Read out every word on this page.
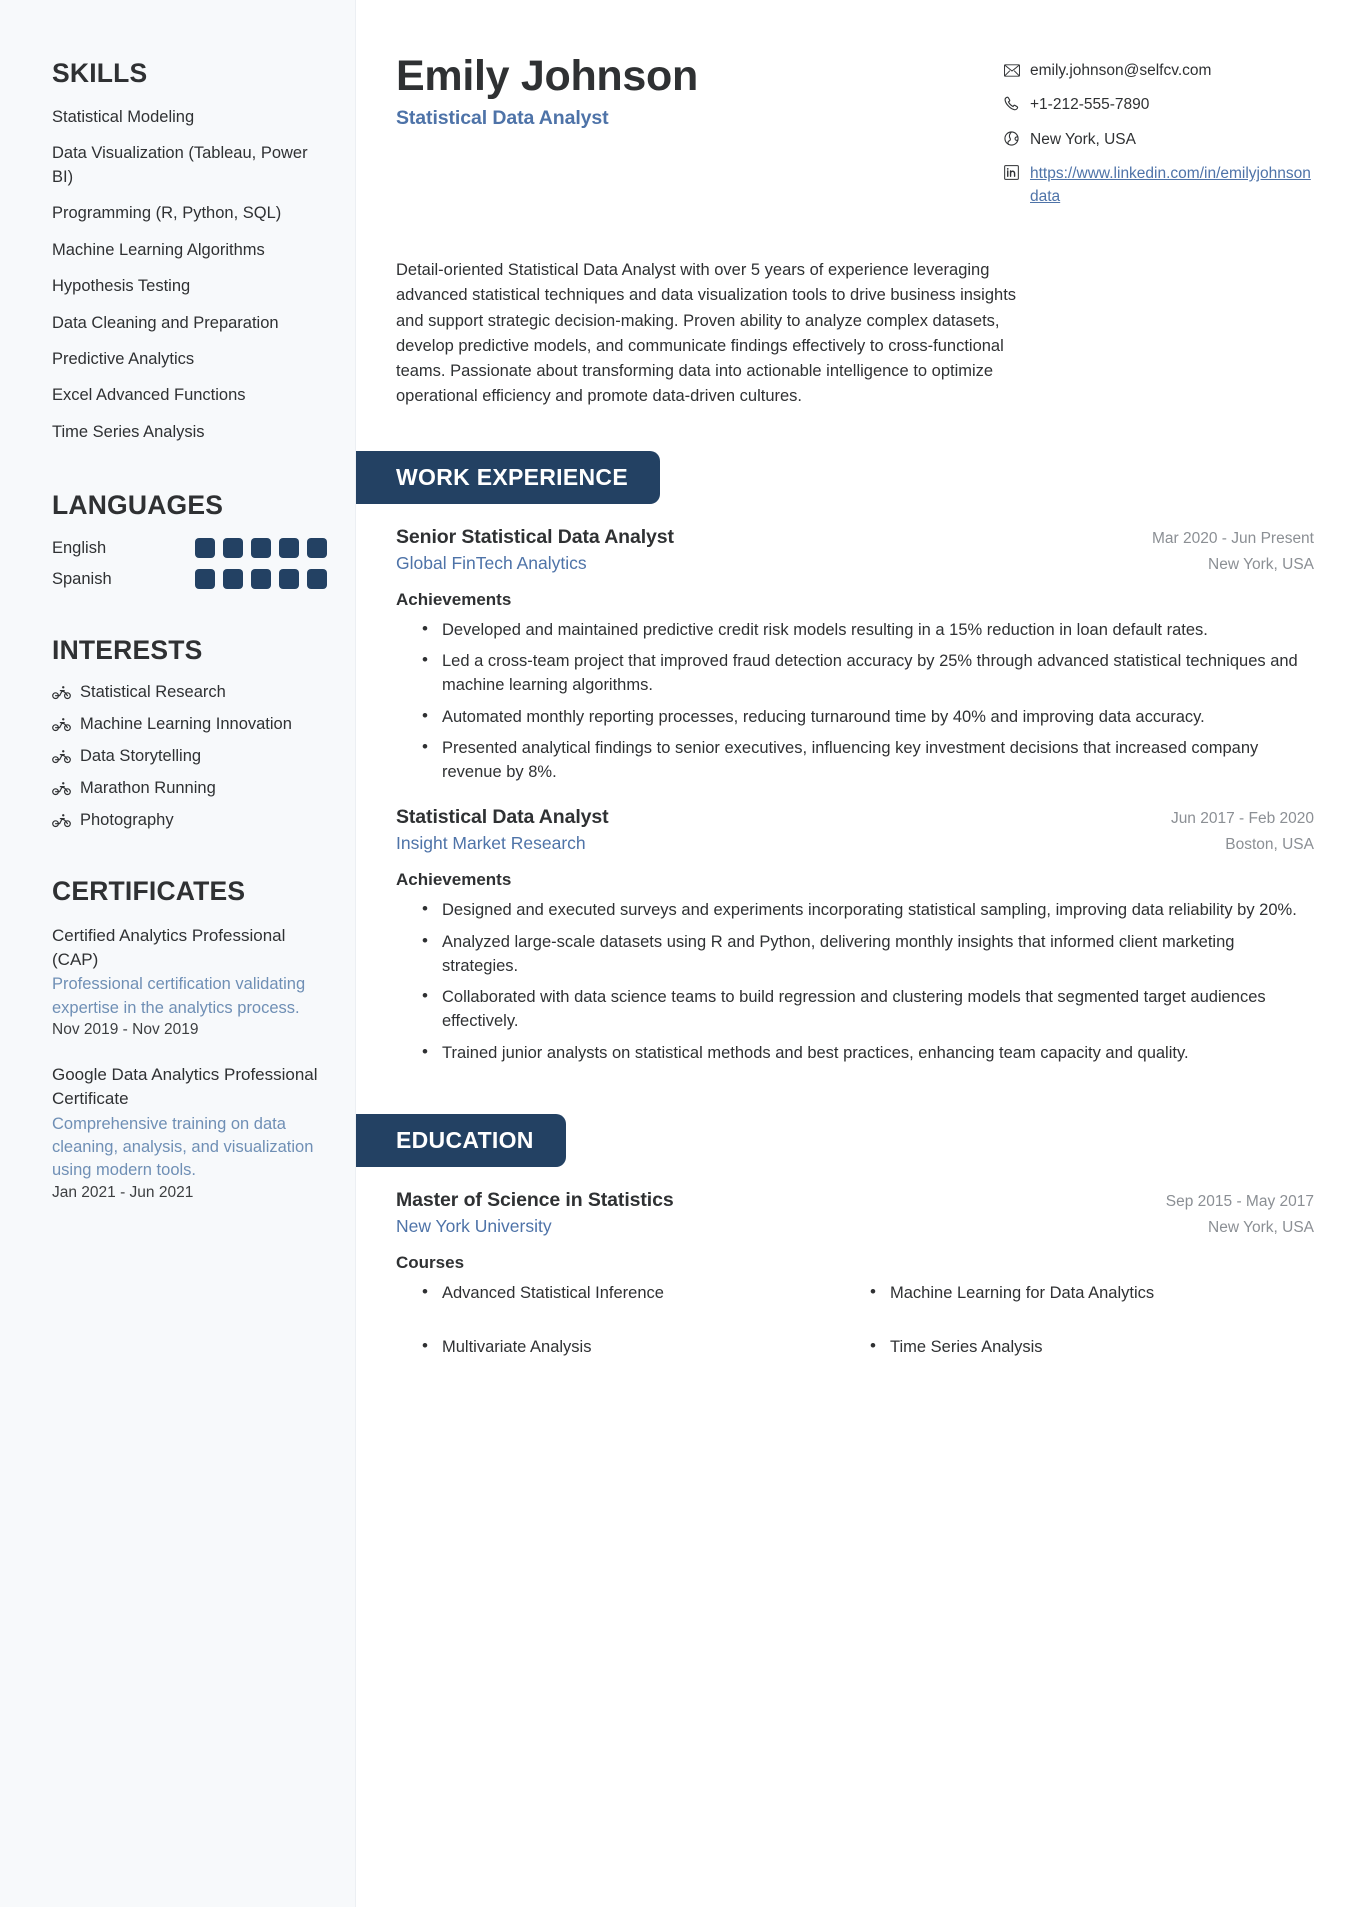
SKILLS
Statistical Modeling
Data Visualization (Tableau, Power BI)
Programming (R, Python, SQL)
Machine Learning Algorithms
Hypothesis Testing
Data Cleaning and Preparation
Predictive Analytics
Excel Advanced Functions
Time Series Analysis
LANGUAGES
English
Spanish
INTERESTS
Statistical Research
Machine Learning Innovation
Data Storytelling
Marathon Running
Photography
CERTIFICATES
Certified Analytics Professional (CAP)
Professional certification validating expertise in the analytics process.
Nov 2019 - Nov 2019
Google Data Analytics Professional Certificate
Comprehensive training on data cleaning, analysis, and visualization using modern tools.
Jan 2021 - Jun 2021
Emily Johnson
Statistical Data Analyst
emily.johnson@selfcv.com
+1-212-555-7890
New York, USA
https://www.linkedin.com/in/emilyjohnsondata

Detail-oriented Statistical Data Analyst with over 5 years of experience leveraging advanced statistical techniques and data visualization tools to drive business insights and support strategic decision-making. Proven ability to analyze complex datasets, develop predictive models, and communicate findings effectively to cross-functional teams. Passionate about transforming data into actionable intelligence to optimize operational efficiency and promote data-driven cultures.

WORK EXPERIENCE
Senior Statistical Data Analyst	Mar 2020 - Jun Present
Global FinTech Analytics	New York, USA
Achievements
• Developed and maintained predictive credit risk models resulting in a 15% reduction in loan default rates.
• Led a cross-team project that improved fraud detection accuracy by 25% through advanced statistical techniques and machine learning algorithms.
• Automated monthly reporting processes, reducing turnaround time by 40% and improving data accuracy.
• Presented analytical findings to senior executives, influencing key investment decisions that increased company revenue by 8%.
Statistical Data Analyst	Jun 2017 - Feb 2020
Insight Market Research	Boston, USA
Achievements
• Designed and executed surveys and experiments incorporating statistical sampling, improving data reliability by 20%.
• Analyzed large-scale datasets using R and Python, delivering monthly insights that informed client marketing strategies.
• Collaborated with data science teams to build regression and clustering models that segmented target audiences effectively.
• Trained junior analysts on statistical methods and best practices, enhancing team capacity and quality.
EDUCATION
Master of Science in Statistics	Sep 2015 - May 2017
New York University	New York, USA
Courses
• Advanced Statistical Inference	• Machine Learning for Data Analytics
• Multivariate Analysis	• Time Series Analysis
